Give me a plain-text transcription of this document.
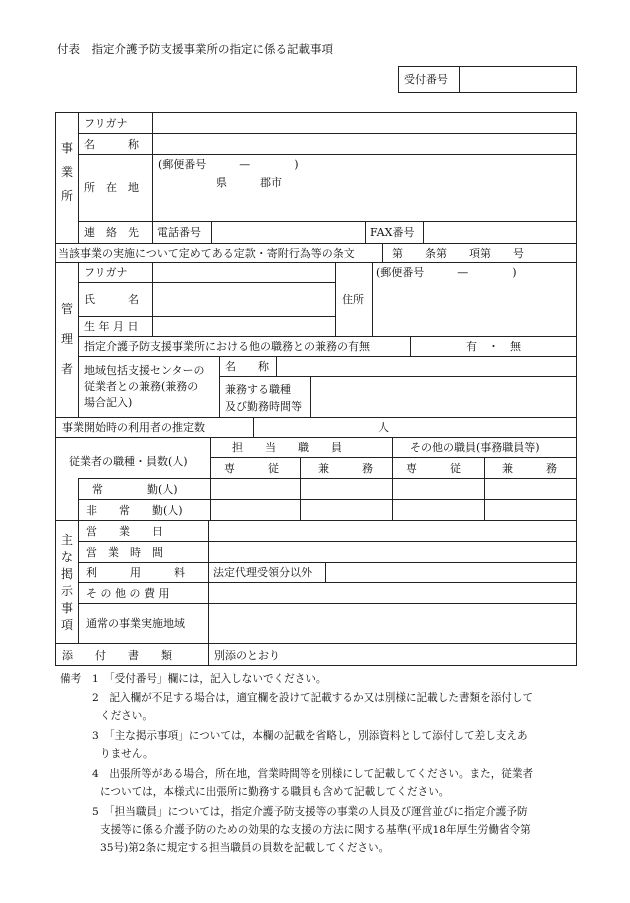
付表　指定介護予防支援事業所の指定に係る記載事項
受付番号
事
業
所
フリガナ
名　　　称
所　在　地
(郵便番号　　　—　　　　)
県　　　郡市
連　絡　先 電話番号	FAX番号
当該事業の実施について定めてある定款・寄附行為等の条文	第　　条第　　項第　　号
管
理
者
フリガナ
氏　　　名
生 年 月 日
住所
(郵便番号　　　—　　　　)
指定介護予防支援事業所における他の職務との兼務の有無	有　・　無
地域包括支援センターの
従業者との兼務(兼務の
場合記入)
名　　称
兼務する職種
及び勤務時間等
事業開始時の利用者の推定数	人
従業者の職種・員数(人)
担　　当　　職　　員	その他の職員(事務職員等)
専　　　従	兼　　　務	専　　　従	兼　　　務
常　　　　勤(人)
非　　常　　勤(人)
主
な
掲
示
事
項
営　　業　　日
営　業　時　間
利　　　用　　　料	法定代理受領分以外
そ の 他 の 費 用
通常の事業実施地域
添　　付　　書　　類	別添のとおり
備考 1　「受付番号」欄には，記入しないでください。
2　記入欄が不足する場合は，適宜欄を設けて記載するか又は別様に記載した書類を添付して
ください。
3　「主な掲示事項」については，本欄の記載を省略し，別添資料として添付して差し支えあ
りません。
4　出張所等がある場合，所在地，営業時間等を別様にして記載してください。また，従業者
については，本様式に出張所に勤務する職員も含めて記載してください。
5　「担当職員」については，指定介護予防支援等の事業の人員及び運営並びに指定介護予防
支援等に係る介護予防のための効果的な支援の方法に関する基準(平成18年厚生労働省令第
35号)第2条に規定する担当職員の員数を記載してください。
